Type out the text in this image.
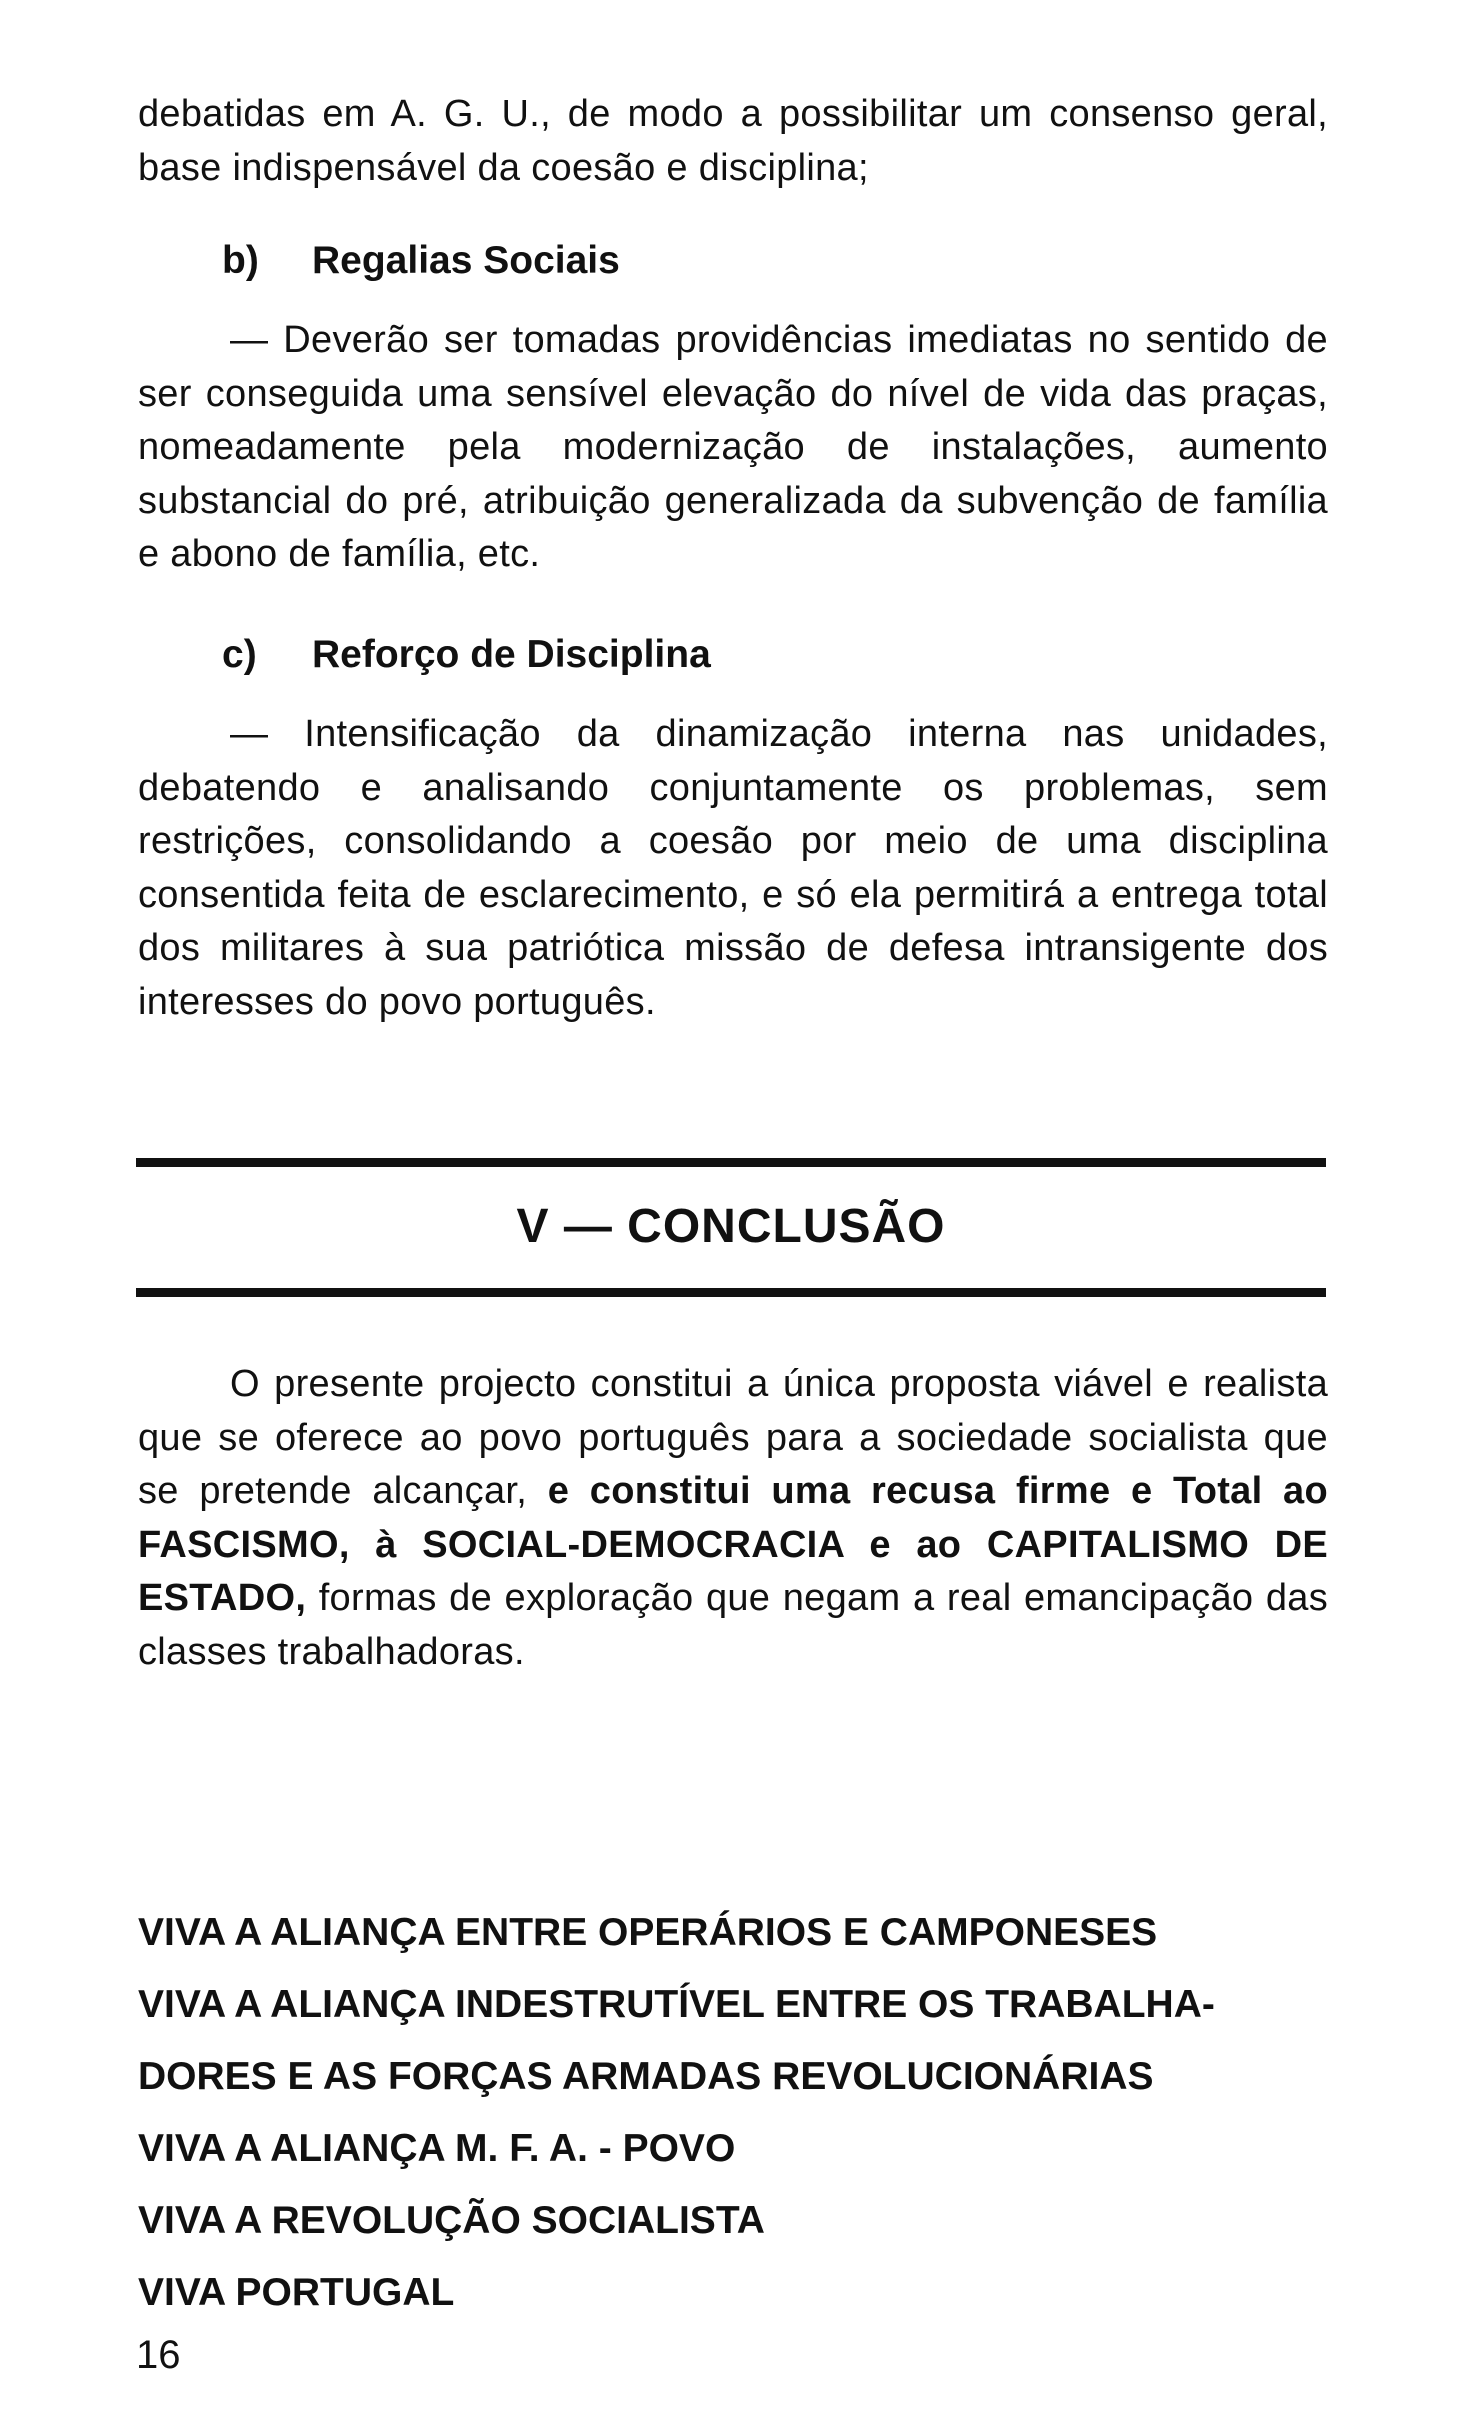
debatidas em A. G. U., de modo a possibilitar um consenso geral, base indispensável da coesão e disciplina;

b) Regalias Sociais

— Deverão ser tomadas providências imediatas no sentido de ser conseguida uma sensível elevação do nível de vida das praças, nomeadamente pela modernização de instalações, aumento substancial do pré, atribuição generalizada da subvenção de família e abono de família, etc.

c) Reforço de Disciplina

— Intensificação da dinamização interna nas unidades, debatendo e analisando conjuntamente os problemas, sem restrições, consolidando a coesão por meio de uma disciplina consentida feita de esclarecimento, e só ela permitirá a entrega total dos militares à sua patriótica missão de defesa intransigente dos interesses do povo português.

V — CONCLUSÃO

O presente projecto constitui a única proposta viável e realista que se oferece ao povo português para a sociedade socialista que se pretende alcançar, e constitui uma recusa firme e Total ao FASCISMO, à SOCIAL-DEMOCRACIA e ao CAPITALISMO DE ESTADO, formas de exploração que negam a real emancipação das classes trabalhadoras.

VIVA A ALIANÇA ENTRE OPERÁRIOS E CAMPONESES

VIVA A ALIANÇA INDESTRUTÍVEL ENTRE OS TRABALHA-

DORES E AS FORÇAS ARMADAS REVOLUCIONÁRIAS

VIVA A ALIANÇA M. F. A. - POVO

VIVA A REVOLUÇÃO SOCIALISTA

VIVA PORTUGAL

16
